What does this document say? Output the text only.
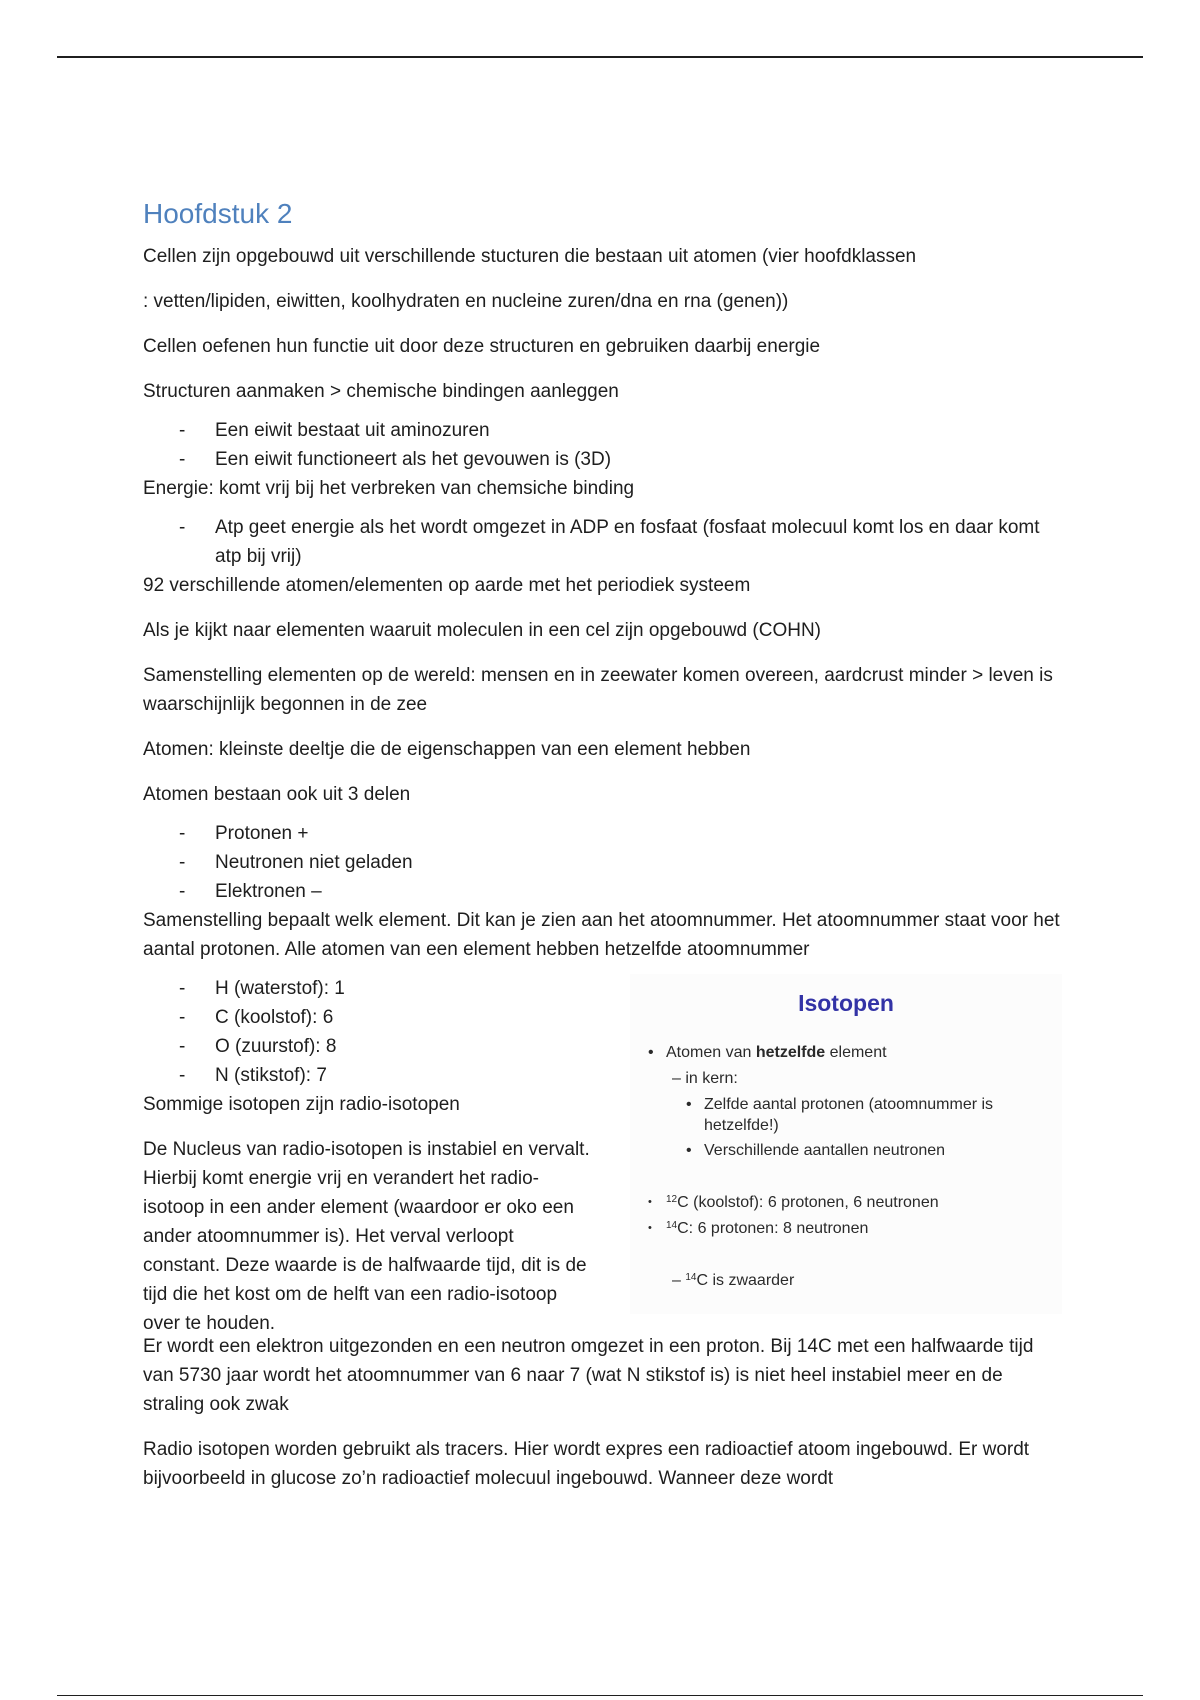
Hoofdstuk 2

Cellen zijn opgebouwd uit verschillende stucturen die bestaan uit atomen (vier hoofdklassen

: vetten/lipiden, eiwitten, koolhydraten en nucleine zuren/dna en rna (genen))

Cellen oefenen hun functie uit door deze structuren en gebruiken daarbij energie

Structuren aanmaken > chemische bindingen aanleggen

- Een eiwit bestaat uit aminozuren
- Een eiwit functioneert als het gevouwen is (3D)

Energie: komt vrij bij het verbreken van chemsiche binding

- Atp geet energie als het wordt omgezet in ADP en fosfaat (fosfaat molecuul komt los en daar komt atp bij vrij)

92 verschillende atomen/elementen op aarde met het periodiek systeem

Als je kijkt naar elementen waaruit moleculen in een cel zijn opgebouwd (COHN)

Samenstelling elementen op de wereld: mensen en in zeewater komen overeen, aardcrust minder > leven is waarschijnlijk begonnen in de zee

Atomen: kleinste deeltje die de eigenschappen van een element hebben

Atomen bestaan ook uit 3 delen

- Protonen +
- Neutronen niet geladen
- Elektronen –

Samenstelling bepaalt welk element. Dit kan je zien aan het atoomnummer. Het atoomnummer staat voor het aantal protonen. Alle atomen van een element hebben hetzelfde atoomnummer

- H (waterstof): 1
- C (koolstof): 6
- O (zuurstof): 8
- N (stikstof): 7

Sommige isotopen zijn radio-isotopen

De Nucleus van radio-isotopen is instabiel en vervalt. Hierbij komt energie vrij en verandert het radio-isotoop in een ander element (waardoor er oko een ander atoomnummer is). Het verval verloopt constant. Deze waarde is de halfwaarde tijd, dit is de tijd die het kost om de helft van een radio-isotoop over te houden.

Isotopen
• Atomen van hetzelfde element
– in kern:
• Zelfde aantal protonen (atoomnummer is hetzelfde!)
• Verschillende aantallen neutronen
• $^{12}$C (koolstof): 6 protonen, 6 neutronen
• $^{14}$C: 6 protonen: 8 neutronen
– $^{14}$C is zwaarder

Er wordt een elektron uitgezonden en een neutron omgezet in een proton. Bij 14C met een halfwaarde tijd van 5730 jaar wordt het atoomnummer van 6 naar 7 (wat N stikstof is) is niet heel instabiel meer en de straling ook zwak

Radio isotopen worden gebruikt als tracers. Hier wordt expres een radioactief atoom ingebouwd. Er wordt bijvoorbeeld in glucose zo’n radioactief molecuul ingebouwd. Wanneer deze wordt
